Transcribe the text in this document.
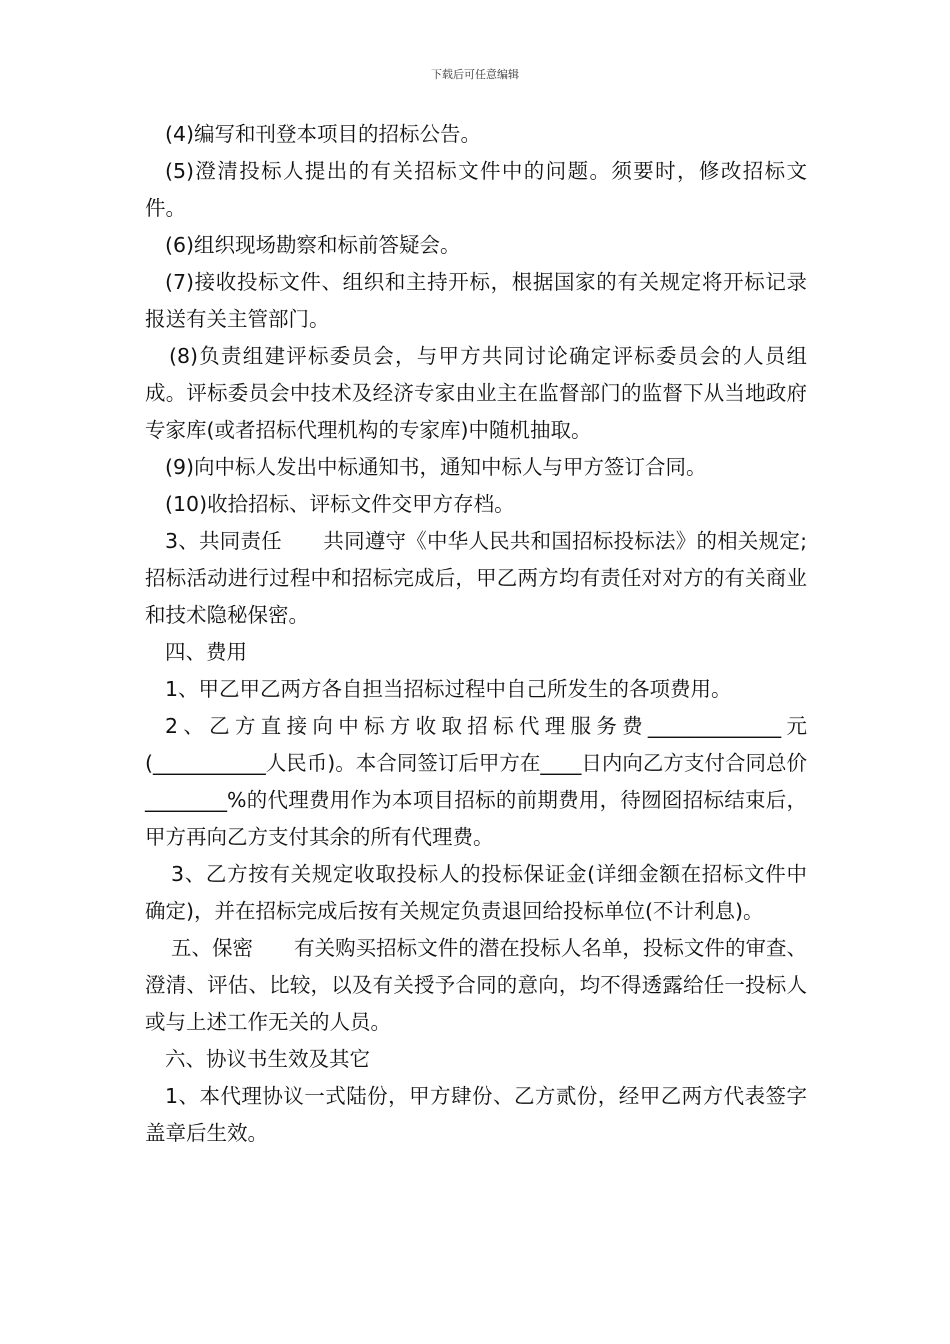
下载后可任意编辑

(4)编写和刊登本项目的招标公告。

(5)澄清投标人提出的有关招标文件中的问题。须要时，修改招标文件。

(6)组织现场勘察和标前答疑会。

(7)接收投标文件、组织和主持开标，根据国家的有关规定将开标记录报送有关主管部门。

(8)负责组建评标委员会，与甲方共同讨论确定评标委员会的人员组成。评标委员会中技术及经济专家由业主在监督部门的监督下从当地政府专家库(或者招标代理机构的专家库)中随机抽取。

(9)向中标人发出中标通知书，通知中标人与甲方签订合同。

(10)收拾招标、评标文件交甲方存档。

3、共同责任　　共同遵守《中华人民共和国招标投标法》的相关规定;招标活动进行过程中和招标完成后，甲乙两方均有责任对对方的有关商业和技术隐秘保密。

四、费用

1、甲乙甲乙两方各自担当招标过程中自己所发生的各项费用。

2、乙方直接向中标方收取招标代理服务费_____________元(___________人民币)。本合同签订后甲方在____日内向乙方支付合同总价________%的代理费用作为本项目招标的前期费用，待囫囵招标结束后，甲方再向乙方支付其余的所有代理费。

3、乙方按有关规定收取投标人的投标保证金(详细金额在招标文件中确定)，并在招标完成后按有关规定负责退回给投标单位(不计利息)。

五、保密　　有关购买招标文件的潜在投标人名单，投标文件的审查、澄清、评估、比较，以及有关授予合同的意向，均不得透露给任一投标人或与上述工作无关的人员。

六、协议书生效及其它

1、本代理协议一式陆份，甲方肆份、乙方贰份，经甲乙两方代表签字盖章后生效。
